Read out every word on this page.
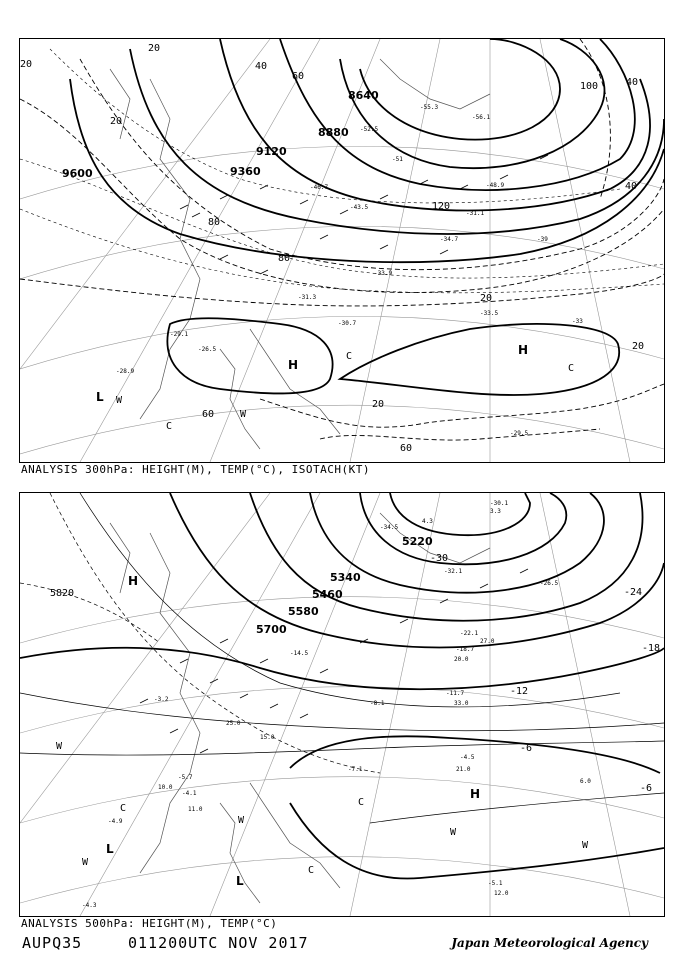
9600	9360
9120
8880
8640
20
20
20
40
60
120
80
100	40
80
40
20
20
20
60
60
-29.1
-26.5
-28.9
-30.7
-33.5
-34.7	-39
-43.5
-46.7
-51
-52.5
-55.3
-56.1
-48.9
-31.1
-33.9
-29.5
-31.3
-33
H
H
L
C
C
C
W
W
ANALYSIS 300hPa: HEIGHT(M), TEMP(°C), ISOTACH(KT)
5820
5700
5580
5460
5340
5220
-30
-24
-18
-12
-6
-6
-4.3
-5.7
-4.9
-4.1
-5.1
-4.5
-7.1
-18.7
-11.7
-22.1
-26.5
-32.1
-34.5
-30.1
-8.1
-14.5
-3.2
11.0
10.0
6.0
12.0
21.0
33.0
20.0
27.0
4.3
3.3
15.0
25.0
H
H
L
L
C
C
C
W
W
W
W
W
ANALYSIS 500hPa: HEIGHT(M), TEMP(°C)
AUPQ35	011200UTC NOV 2017	Japan Meteorological Agency
